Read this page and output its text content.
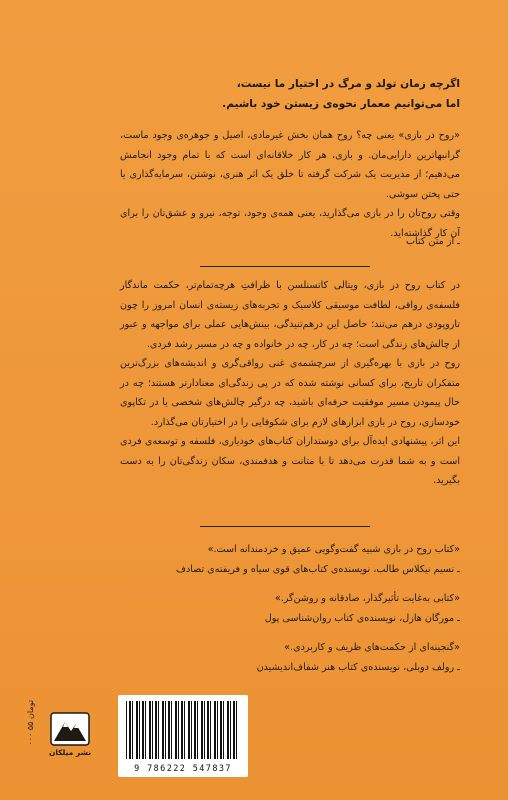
اگرچه زمان تولد و مرگ در اختیار ما نیست،

اما می‌توانیم معمار نحوه‌ی زیستن خود باشیم.

«روح در بازی» یعنی چه؟ روح همان بخش غیرمادی، اصیل و جوهره‌ی وجود ماست، گرانبهاترین دارایی‌مان. و بازی، هر کار خلاقانه‌ای است که با تمام وجود انجامش می‌دهیم؛ از مدیریت یک شرکت گرفته تا خلق یک اثر هنری، نوشتن، سرمایه‌گذاری یا حتی پختن سوشی.

وقتی روح‌تان را در بازی می‌گذارید، یعنی همه‌ی وجود، توجه، نیرو و عشق‌تان را برای آن کار گذاشته‌اید.

ـ از متن کتاب

در کتاب روح در بازی، ویتالی کاتسنلسن با ظرافتِ هرچه‌تمام‌تر، حکمت ماندگار فلسفه‌ی رواقی، لطافت موسیقی کلاسیک و تجربه‌های زیسته‌ی انسان امروز را چون تارو‌پودی درهم می‌تند؛ حاصل این درهم‌تنیدگی، بینش‌هایی عملی برای مواجهه و عبور از چالش‌های زندگی است؛ چه در کار، چه در خانواده و چه در مسیر رشد فردی.

روح در بازی با بهره‌گیری از سرچشمه‌ی غنی رواقی‌گری و اندیشه‌های بزرگ‌ترین متفکران تاریخ، برای کسانی نوشته شده که در پی زندگی‌ای معنادارتر هستند؛ چه در حال پیمودن مسیر موفقیت حرفه‌ای باشید، چه درگیر چالش‌های شخصی یا در تکاپوی خودسازی، روح در بازی ابزارهای لازم برای شکوفایی را در اختیارتان می‌گذارد.

این اثر، پیشنهادی ایده‌آل برای دوستداران کتاب‌های خودیاری، فلسفه و توسعه‌ی فردی است و به شما قدرت می‌دهد تا با متانت و هدفمندی، سکان زندگی‌تان را به دست بگیرید.

«کتاب روح در بازی شبیه گفت‌وگویی عمیق و خردمندانه است.»
ـ نسیم نیکلاس طالب، نویسنده‌ی کتاب‌های قوی سیاه و فریفته‌ی تصادف
«کتابی به‌غایت تأثیرگذار، صادقانه و روشن‌گر.»
ـ مورگان هازل، نویسنده‌ی کتاب روان‌شناسی پول
«گنجینه‌ای از حکمت‌های ظریف و کاربردی.»
ـ رولف دوبلی، نویسنده‌ی کتاب هنر شفاف‌اندیشیدن
۰۰۰ ۵۵ تومان
نشر میلکان
9 786222 547837
